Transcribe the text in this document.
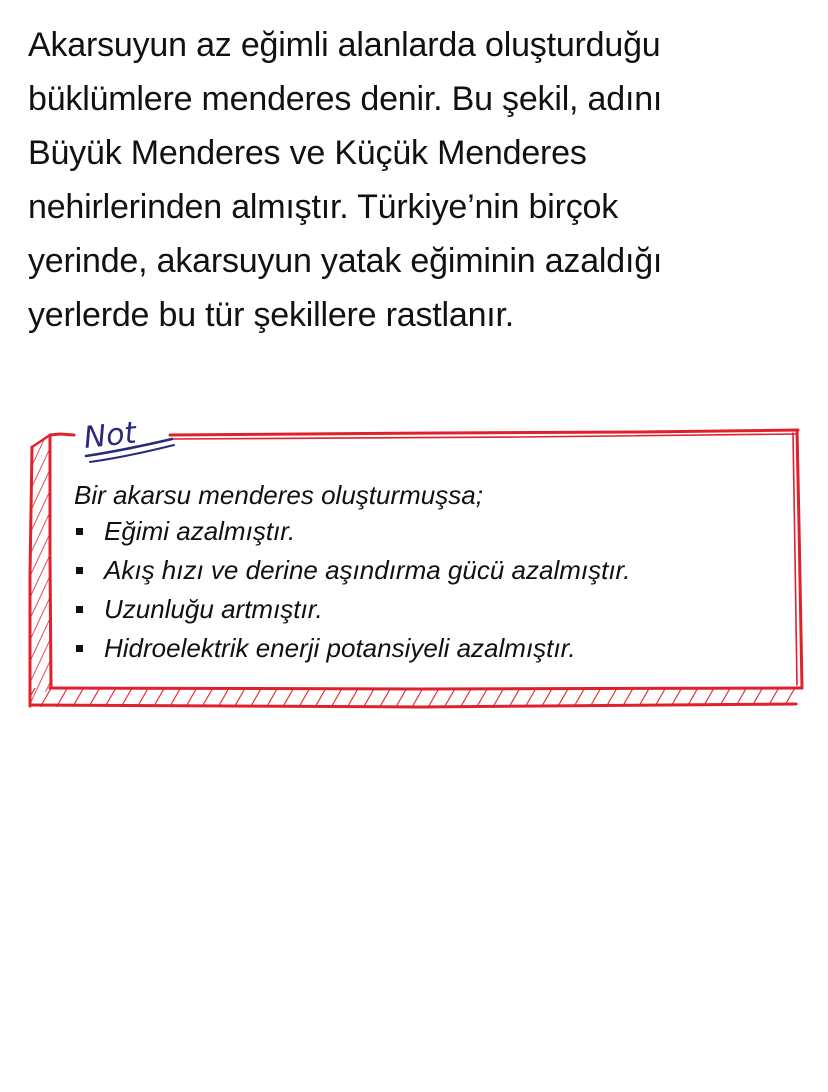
Akarsuyun az eğimli alanlarda oluşturduğu
büklümlere menderes denir. Bu şekil, adını
Büyük Menderes ve Küçük Menderes
nehirlerinden almıştır. Türkiye’nin birçok
yerinde, akarsuyun yatak eğiminin azaldığı
yerlerde bu tür şekillere rastlanır.
Not
Bir akarsu menderes oluşturmuşsa;
Eğimi azalmıştır.
Akış hızı ve derine aşındırma gücü azalmıştır.
Uzunluğu artmıştır.
Hidroelektrik enerji potansiyeli azalmıştır.
